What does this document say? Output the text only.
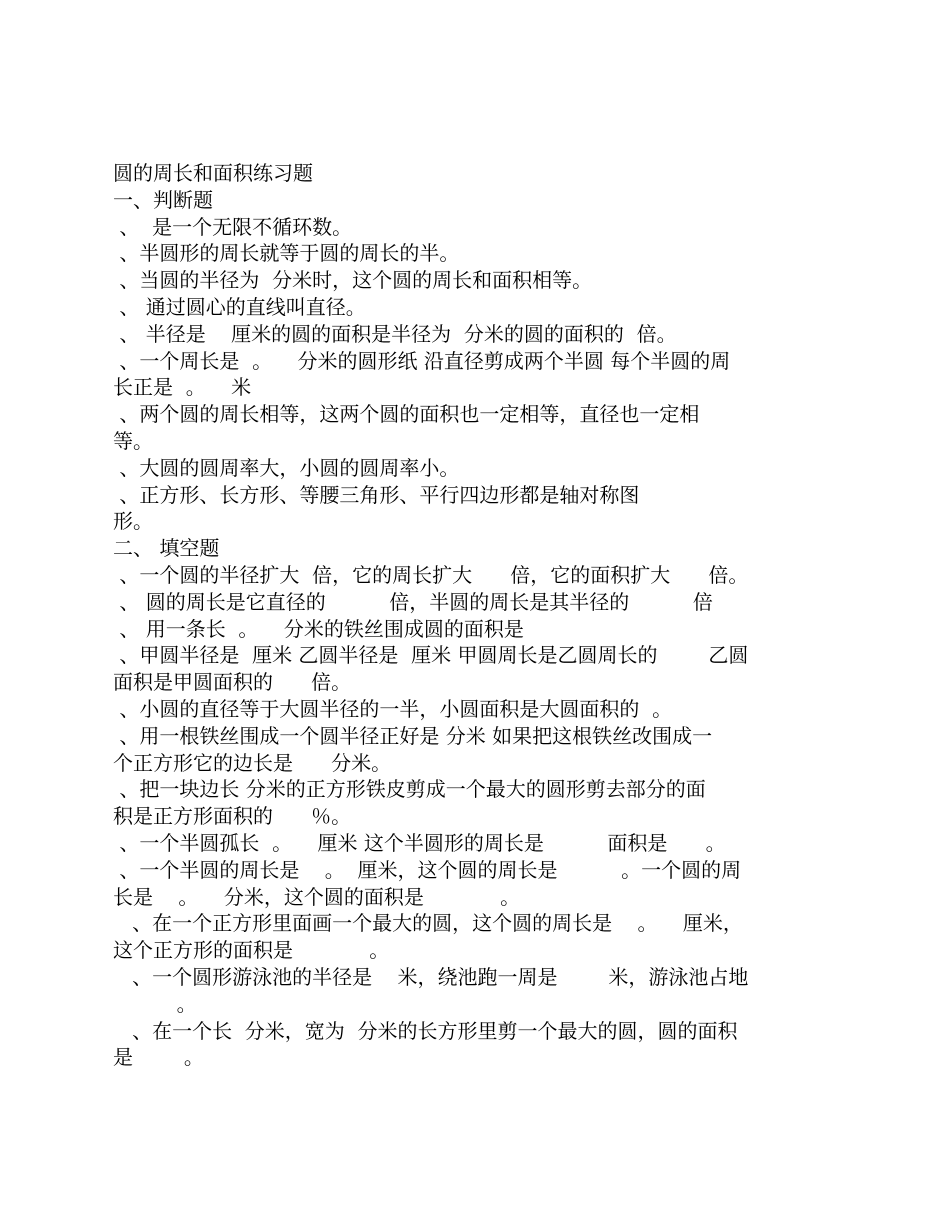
圆的周长和面积练习题
一、判断题
、  是一个无限不循环数。
、半圆形的周长就等于圆的周长的半。
、当圆的半径为  分米时，这个圆的周长和面积相等。
、 通过圆心的直线叫直径。
、 半径是    厘米的圆的面积是半径为  分米的圆的面积的  倍。
、一个周长是  。    分米的圆形纸 沿直径剪成两个半圆 每个半圆的周
长正是  。    米
、两个圆的周长相等，这两个圆的面积也一定相等，直径也一定相
等。
、大圆的圆周率大，小圆的圆周率小。
、正方形、长方形、等腰三角形、平行四边形都是轴对称图
形。
二、 填空题
、一个圆的半径扩大  倍，它的周长扩大      倍，它的面积扩大      倍。
、 圆的周长是它直径的          倍，半圆的周长是其半径的          倍
、 用一条长  。    分米的铁丝围成圆的面积是
、甲圆半径是  厘米 乙圆半径是  厘米 甲圆周长是乙圆周长的        乙圆
面积是甲圆面积的      倍。
、小圆的直径等于大圆半径的一半，小圆面积是大圆面积的  。
、用一根铁丝围成一个圆半径正好是 分米 如果把这根铁丝改围成一
个正方形它的边长是      分米。
、把一块边长 分米的正方形铁皮剪成一个最大的圆形剪去部分的面
积是正方形面积的      ％。
、一个半圆孤长  。    厘米 这个半圆形的周长是          面积是      。
、一个半圆的周长是    。  厘米，这个圆的周长是          。一个圆的周
长是    。    分米，这个圆的面积是            。
、在一个正方形里面画一个最大的圆，这个圆的周长是    。    厘米，
这个正方形的面积是            。
、一个圆形游泳池的半径是    米，绕池跑一周是        米，游泳池占地
。
、在一个长  分米，宽为  分米的长方形里剪一个最大的圆，圆的面积
是        。
